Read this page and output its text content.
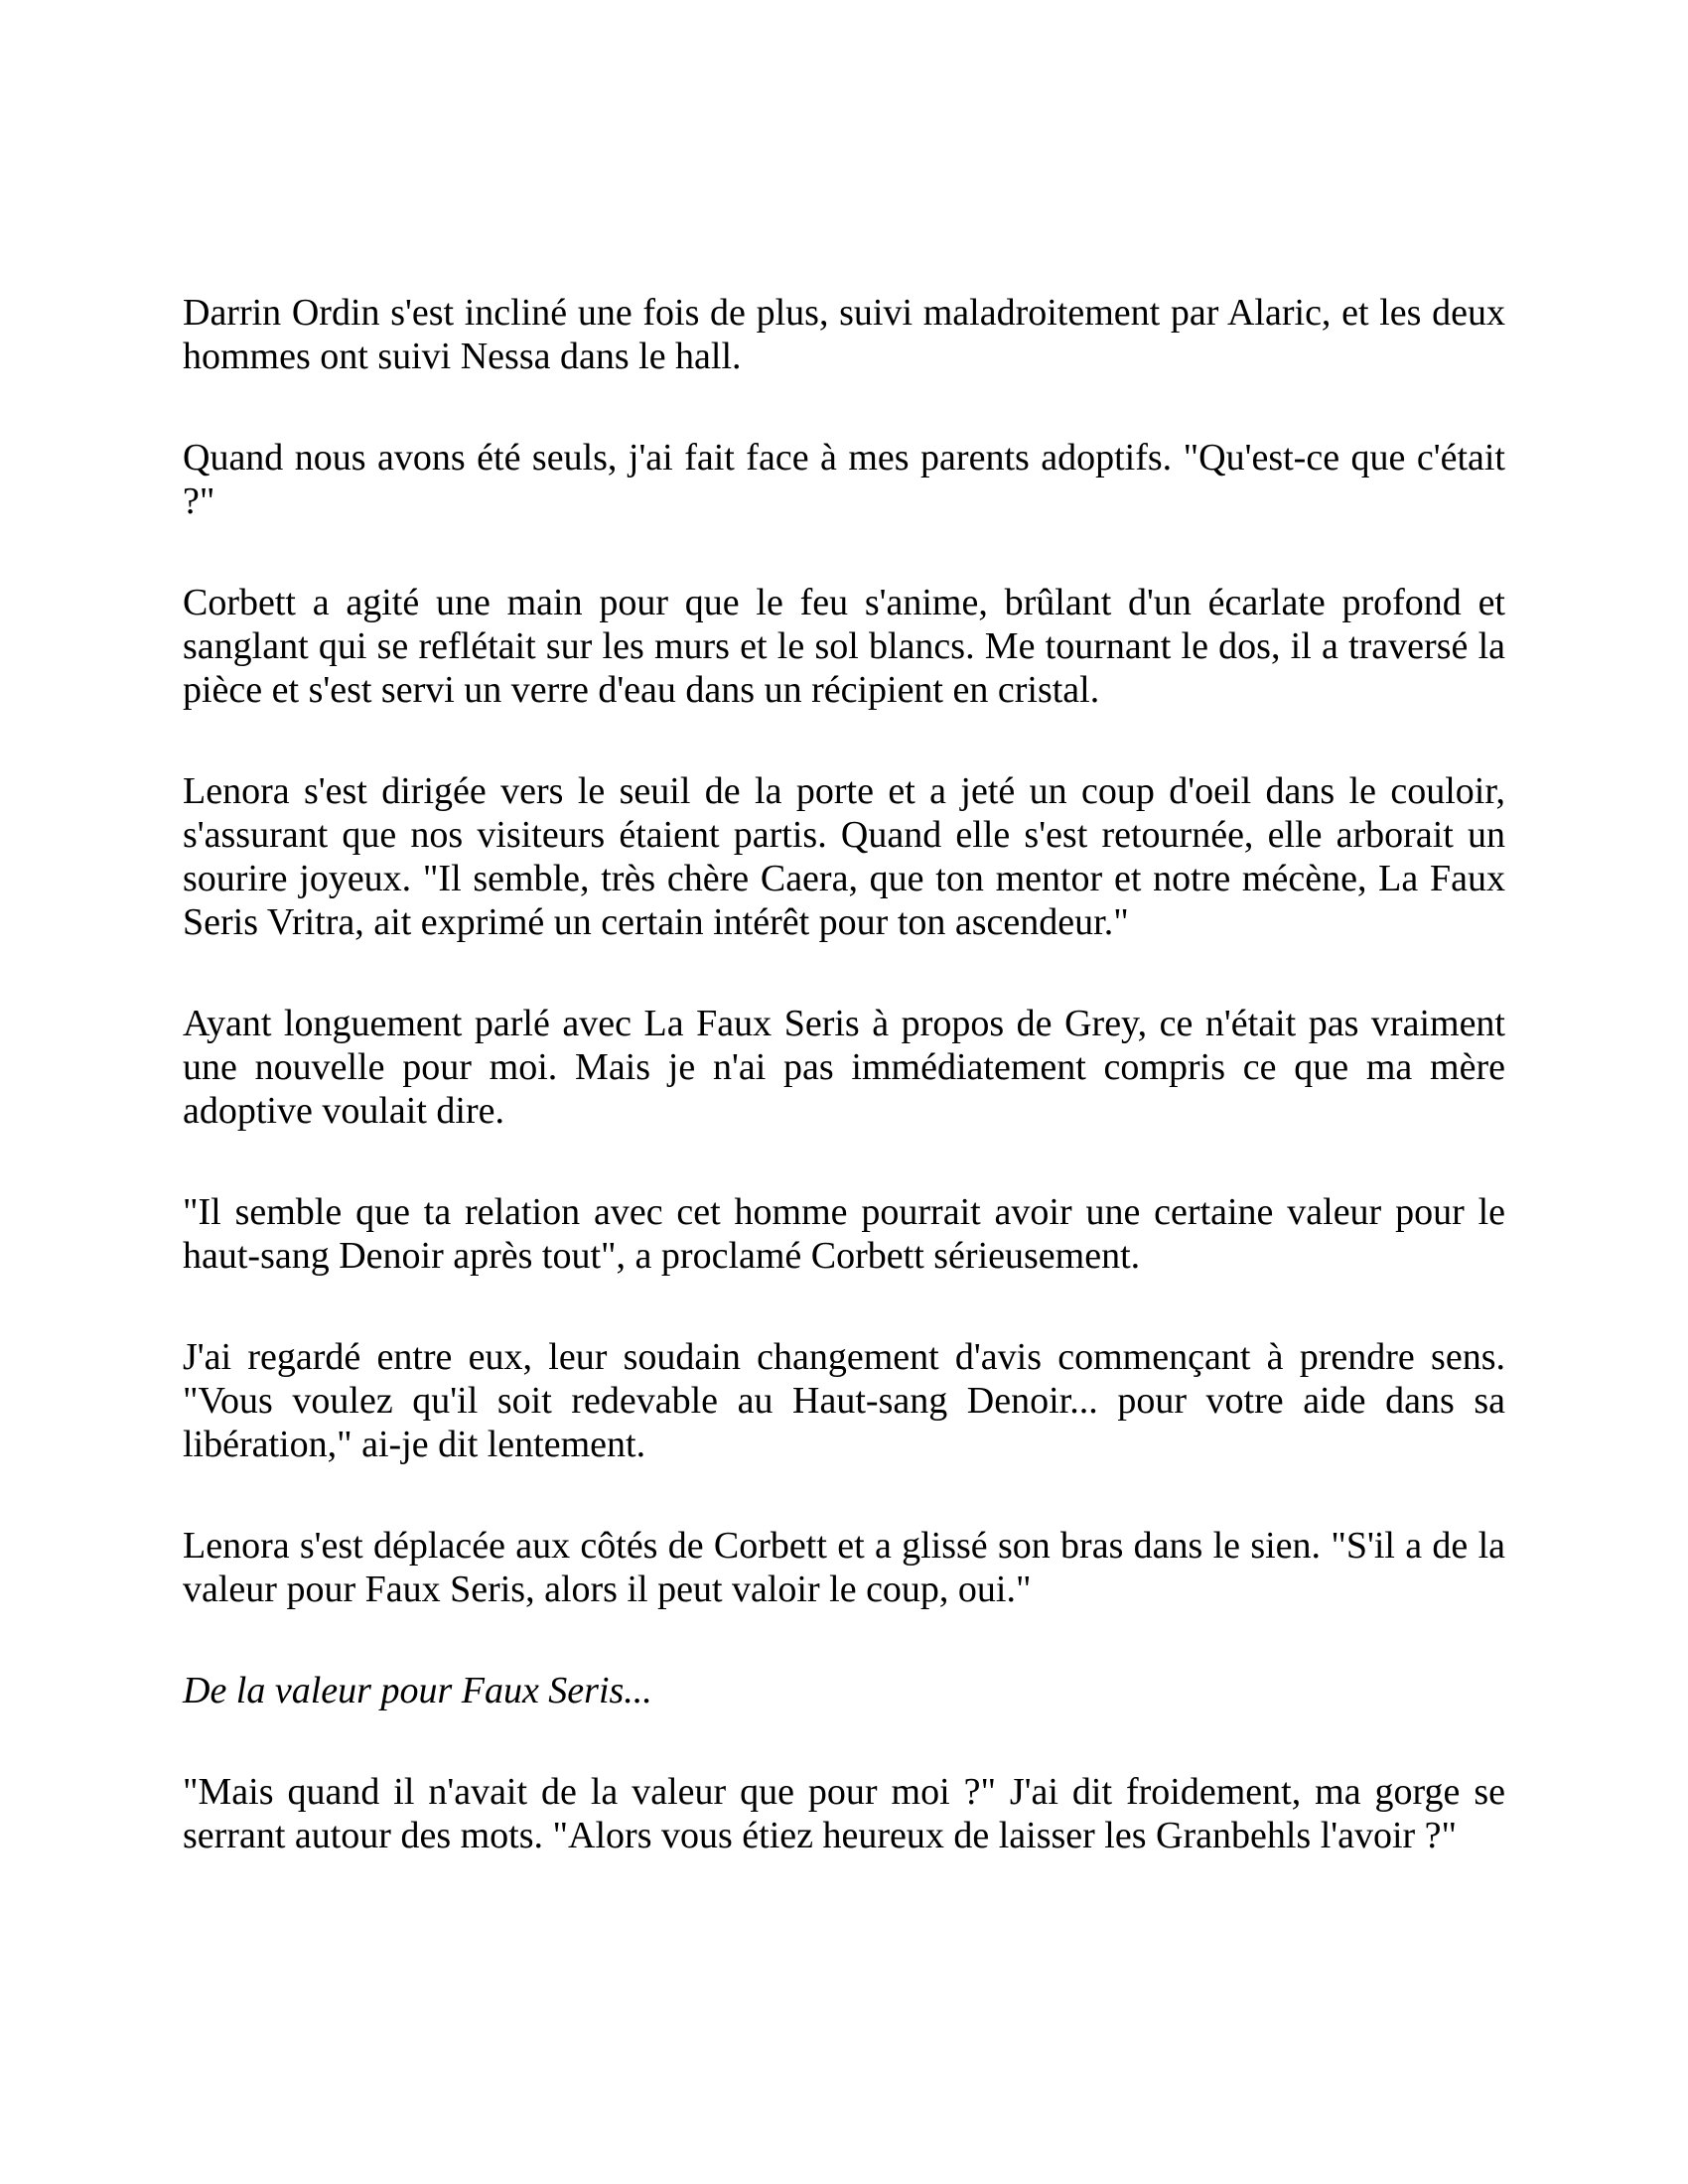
Darrin Ordin s'est incliné une fois de plus, suivi maladroitement par Alaric, et les deux hommes ont suivi Nessa dans le hall.

Quand nous avons été seuls, j'ai fait face à mes parents adoptifs. "Qu'est-ce que c'était ?"

Corbett a agité une main pour que le feu s'anime, brûlant d'un écarlate profond et sanglant qui se reflétait sur les murs et le sol blancs. Me tournant le dos, il a traversé la pièce et s'est servi un verre d'eau dans un récipient en cristal.

Lenora s'est dirigée vers le seuil de la porte et a jeté un coup d'oeil dans le couloir, s'assurant que nos visiteurs étaient partis. Quand elle s'est retournée, elle arborait un sourire joyeux. "Il semble, très chère Caera, que ton mentor et notre mécène, La Faux Seris Vritra, ait exprimé un certain intérêt pour ton ascendeur."

Ayant longuement parlé avec La Faux Seris à propos de Grey, ce n'était pas vraiment une nouvelle pour moi. Mais je n'ai pas immédiatement compris ce que ma mère adoptive voulait dire.

"Il semble que ta relation avec cet homme pourrait avoir une certaine valeur pour le haut-sang Denoir après tout", a proclamé Corbett sérieusement.

J'ai regardé entre eux, leur soudain changement d'avis commençant à prendre sens. "Vous voulez qu'il soit redevable au Haut-sang Denoir... pour votre aide dans sa libération," ai-je dit lentement.

Lenora s'est déplacée aux côtés de Corbett et a glissé son bras dans le sien. "S'il a de la valeur pour Faux Seris, alors il peut valoir le coup, oui."

De la valeur pour Faux Seris...

"Mais quand il n'avait de la valeur que pour moi ?" J'ai dit froidement, ma gorge se serrant autour des mots. "Alors vous étiez heureux de laisser les Granbehls l'avoir ?"
